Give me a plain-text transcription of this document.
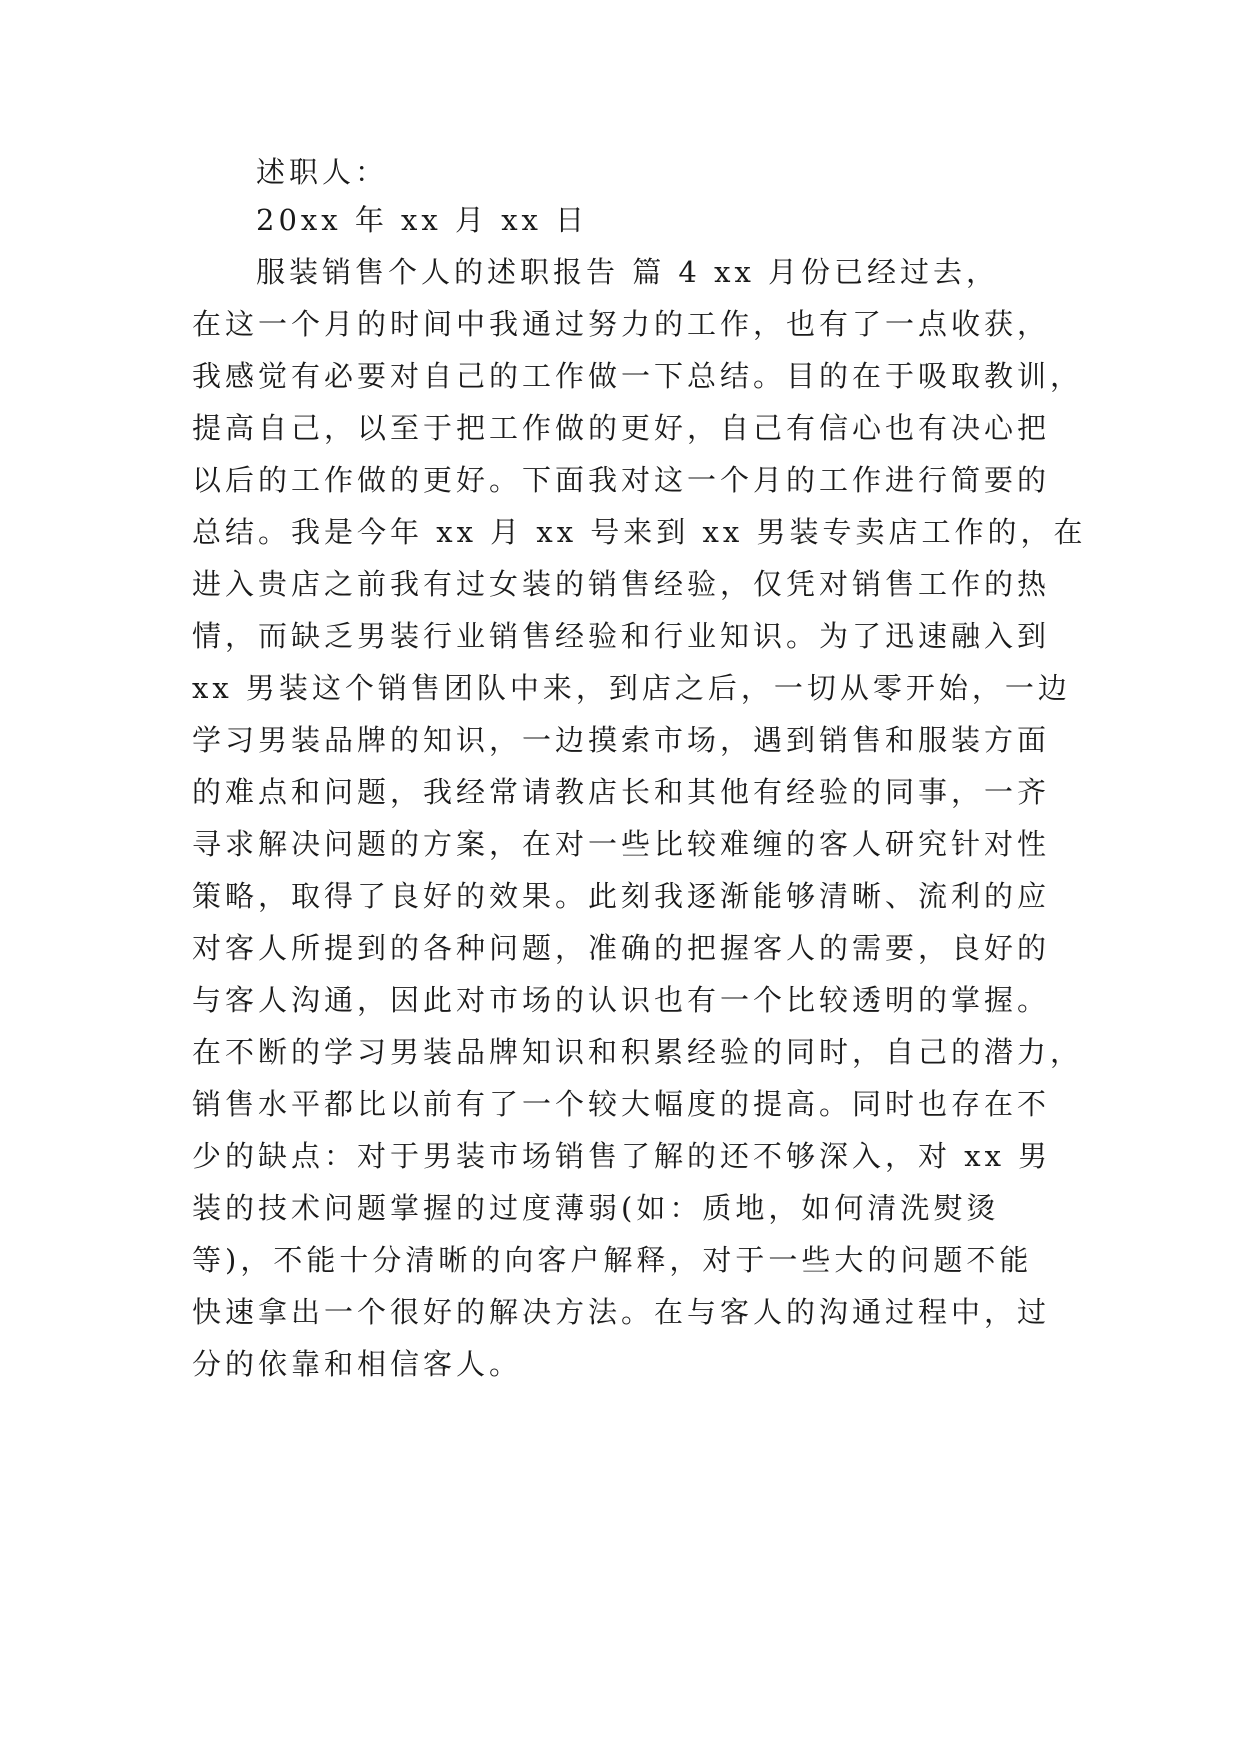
述职人：
20xx 年 xx 月 xx 日
服装销售个人的述职报告 篇 4 xx 月份已经过去，
在这一个月的时间中我通过努力的工作，也有了一点收获，
我感觉有必要对自己的工作做一下总结。目的在于吸取教训，
提高自己，以至于把工作做的更好，自己有信心也有决心把
以后的工作做的更好。下面我对这一个月的工作进行简要的
总结。我是今年 xx 月 xx 号来到 xx 男装专卖店工作的，在
进入贵店之前我有过女装的销售经验，仅凭对销售工作的热
情，而缺乏男装行业销售经验和行业知识。为了迅速融入到
xx 男装这个销售团队中来，到店之后，一切从零开始，一边
学习男装品牌的知识，一边摸索市场，遇到销售和服装方面
的难点和问题，我经常请教店长和其他有经验的同事，一齐
寻求解决问题的方案，在对一些比较难缠的客人研究针对性
策略，取得了良好的效果。此刻我逐渐能够清晰、流利的应
对客人所提到的各种问题，准确的把握客人的需要，良好的
与客人沟通，因此对市场的认识也有一个比较透明的掌握。
在不断的学习男装品牌知识和积累经验的同时，自己的潜力，
销售水平都比以前有了一个较大幅度的提高。同时也存在不
少的缺点：对于男装市场销售了解的还不够深入，对 xx 男
装的技术问题掌握的过度薄弱(如：质地，如何清洗熨烫
等)，不能十分清晰的向客户解释，对于一些大的问题不能
快速拿出一个很好的解决方法。在与客人的沟通过程中，过
分的依靠和相信客人。
